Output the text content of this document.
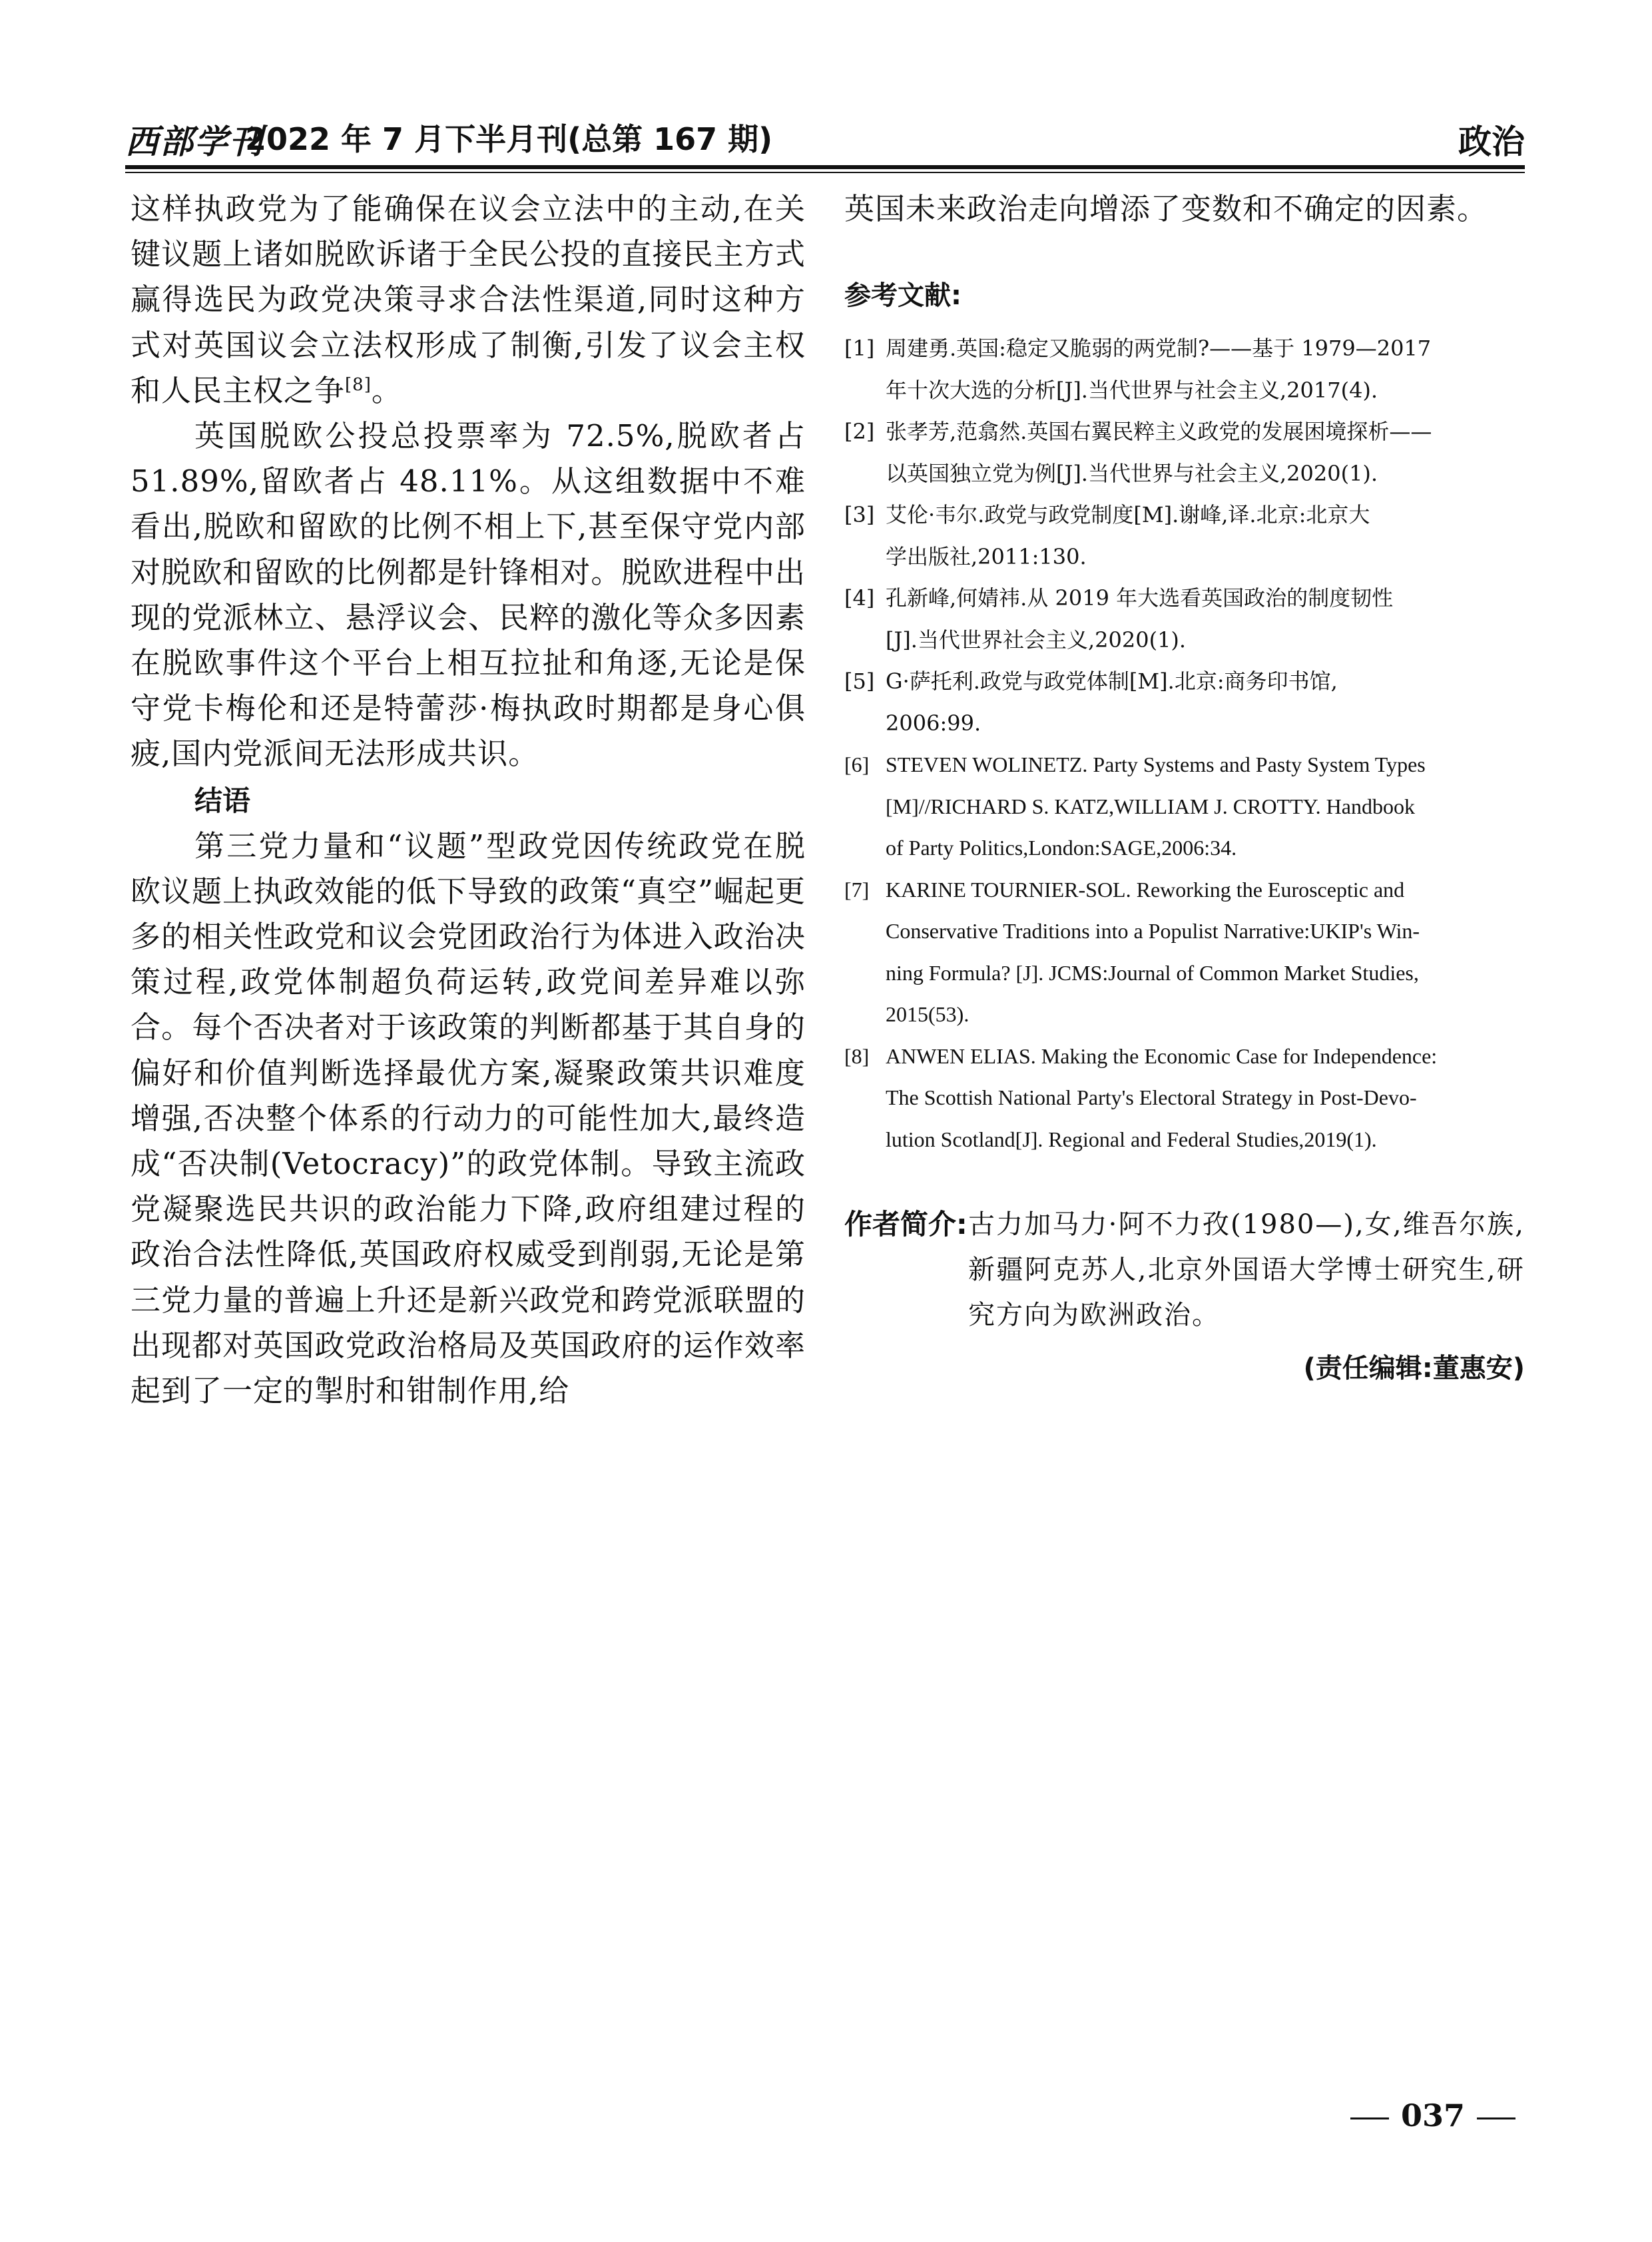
西部学刊
2022 年 7 月下半月刊(总第 167 期)	政治

这样执政党为了能确保在议会立法中的主动,在关键议题上诸如脱欧诉诸于全民公投的直接民主方式赢得选民为政党决策寻求合法性渠道,同时这种方式对英国议会立法权形成了制衡,引发了议会主权和人民主权之争[8]。

英国脱欧公投总投票率为 72.5%,脱欧者占 51.89%,留欧者占 48.11%。从这组数据中不难看出,脱欧和留欧的比例不相上下,甚至保守党内部对脱欧和留欧的比例都是针锋相对。脱欧进程中出现的党派林立、悬浮议会、民粹的激化等众多因素在脱欧事件这个平台上相互拉扯和角逐,无论是保守党卡梅伦和还是特蕾莎·梅执政时期都是身心俱疲,国内党派间无法形成共识。

结语

第三党力量和“议题”型政党因传统政党在脱欧议题上执政效能的低下导致的政策“真空”崛起更多的相关性政党和议会党团政治行为体进入政治决策过程,政党体制超负荷运转,政党间差异难以弥合。每个否决者对于该政策的判断都基于其自身的偏好和价值判断选择最优方案,凝聚政策共识难度增强,否决整个体系的行动力的可能性加大,最终造成“否决制(Vetocracy)”的政党体制。导致主流政党凝聚选民共识的政治能力下降,政府组建过程的政治合法性降低,英国政府权威受到削弱,无论是第三党力量的普遍上升还是新兴政党和跨党派联盟的出现都对英国政党政治格局及英国政府的运作效率起到了一定的掣肘和钳制作用,给

英国未来政治走向增添了变数和不确定的因素。

参考文献:
[1] 周建勇.英国:稳定又脆弱的两党制?——基于 1979—2017
年十次大选的分析[J].当代世界与社会主义,2017(4).
[2] 张孝芳,范翕然.英国右翼民粹主义政党的发展困境探析——
以英国独立党为例[J].当代世界与社会主义,2020(1).
[3] 艾伦·韦尔.政党与政党制度[M].谢峰,译.北京:北京大
学出版社,2011:130.
[4] 孔新峰,何婧祎.从 2019 年大选看英国政治的制度韧性
[J].当代世界社会主义,2020(1).
[5] G·萨托利.政党与政党体制[M].北京:商务印书馆,
2006:99.
[6] STEVEN WOLINETZ. Party Systems and Pasty System Types
[M]//RICHARD S. KATZ,WILLIAM J. CROTTY. Handbook
of Party Politics,London:SAGE,2006:34.
[7] KARINE TOURNIER-SOL. Reworking the Eurosceptic and
Conservative Traditions into a Populist Narrative:UKIP's Win-
ning Formula? [J]. JCMS:Journal of Common Market Studies,
2015(53).
[8] ANWEN ELIAS. Making the Economic Case for Independence:
The Scottish National Party's Electoral Strategy in Post-Devo-
lution Scotland[J]. Regional and Federal Studies,2019(1).
作者简介: 古力加马力·阿不力孜(1980—),女,维吾尔族,新疆阿克苏人,北京外国语大学博士研究生,研究方向为欧洲政治。
(责任编辑:董惠安)
037
